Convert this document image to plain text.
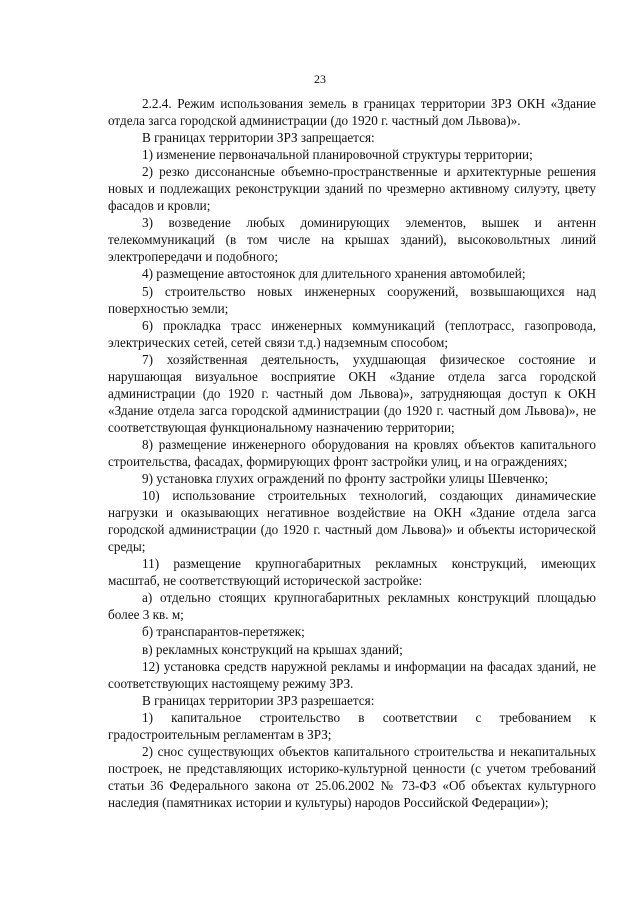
23

2.2.4. Режим использования земель в границах территории ЗРЗ ОКН «Здание отдела загса городской администрации (до 1920 г. частный дом Львова)».

В границах территории ЗРЗ запрещается:

1) изменение первоначальной планировочной структуры территории;

2) резко диссонансные объемно-пространственные и архитектурные решения новых и подлежащих реконструкции зданий по чрезмерно активному силуэту, цвету фасадов и кровли;

3) возведение любых доминирующих элементов, вышек и антенн телекоммуникаций (в том числе на крышах зданий), высоковольтных линий электропередачи и подобного;

4) размещение автостоянок для длительного хранения автомобилей;

5) строительство новых инженерных сооружений, возвышающихся над поверхностью земли;

6) прокладка трасс инженерных коммуникаций (теплотрасс, газопровода, электрических сетей, сетей связи т.д.) надземным способом;

7) хозяйственная деятельность, ухудшающая физическое состояние и нарушающая визуальное восприятие ОКН «Здание отдела загса городской администрации (до 1920 г. частный дом Львова)», затрудняющая доступ к ОКН «Здание отдела загса городской администрации (до 1920 г. частный дом Львова)», не соответствующая функциональному назначению территории;

8) размещение инженерного оборудования на кровлях объектов капитального строительства, фасадах, формирующих фронт застройки улиц, и на ограждениях;

9) установка глухих ограждений по фронту застройки улицы Шевченко;

10) использование строительных технологий, создающих динамические нагрузки и оказывающих негативное воздействие на ОКН «Здание отдела загса городской администрации (до 1920 г. частный дом Львова)» и объекты исторической среды;

11) размещение крупногабаритных рекламных конструкций, имеющих масштаб, не соответствующий исторической застройке:

а) отдельно стоящих крупногабаритных рекламных конструкций площадью более 3 кв. м;

б) транспарантов-перетяжек;

в) рекламных конструкций на крышах зданий;

12) установка средств наружной рекламы и информации на фасадах зданий, не соответствующих настоящему режиму ЗРЗ.

В границах территории ЗРЗ разрешается:

1) капитальное строительство в соответствии с требованием к градостроительным регламентам в ЗРЗ;

2) снос существующих объектов капитального строительства и некапитальных построек, не представляющих историко-культурной ценности (с учетом требований статьи 36 Федерального закона от 25.06.2002 № 73-ФЗ «Об объектах культурного наследия (памятниках истории и культуры) народов Российской Федерации»);
